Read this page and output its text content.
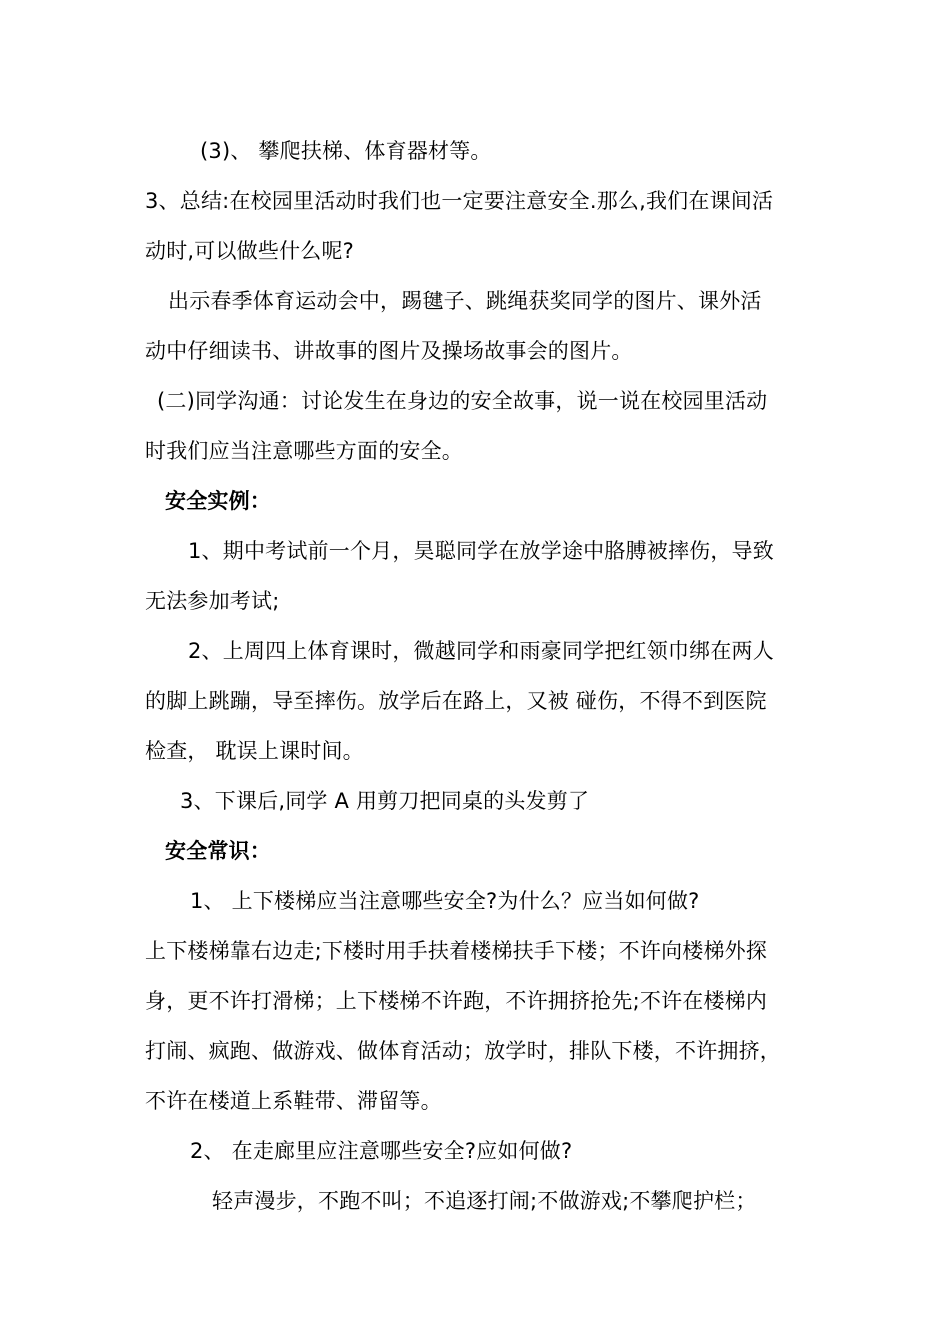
(3)、 攀爬扶梯、体育器材等。
3、总结:在校园里活动时我们也一定要注意安全.那么,我们在课间活
动时,可以做些什么呢?
出示春季体育运动会中，踢毽子、跳绳获奖同学的图片、课外活
动中仔细读书、讲故事的图片及操场故事会的图片。
(二)同学沟通：讨论发生在身边的安全故事，说一说在校园里活动
时我们应当注意哪些方面的安全。
安全实例：
1、期中考试前一个月，昊聪同学在放学途中胳膊被摔伤，导致
无法参加考试;
2、上周四上体育课时，微越同学和雨豪同学把红领巾绑在两人
的脚上跳蹦，导至摔伤。放学后在路上，又被 碰伤，不得不到医院
检查， 耽误上课时间。
3、下课后,同学 A 用剪刀把同桌的头发剪了
安全常识：
1、 上下楼梯应当注意哪些安全?为什么？应当如何做?
上下楼梯靠右边走;下楼时用手扶着楼梯扶手下楼；不许向楼梯外探
身，更不许打滑梯；上下楼梯不许跑，不许拥挤抢先;不许在楼梯内
打闹、疯跑、做游戏、做体育活动；放学时，排队下楼，不许拥挤，
不许在楼道上系鞋带、滞留等。
2、 在走廊里应注意哪些安全?应如何做?
轻声漫步，不跑不叫；不追逐打闹;不做游戏;不攀爬护栏；
